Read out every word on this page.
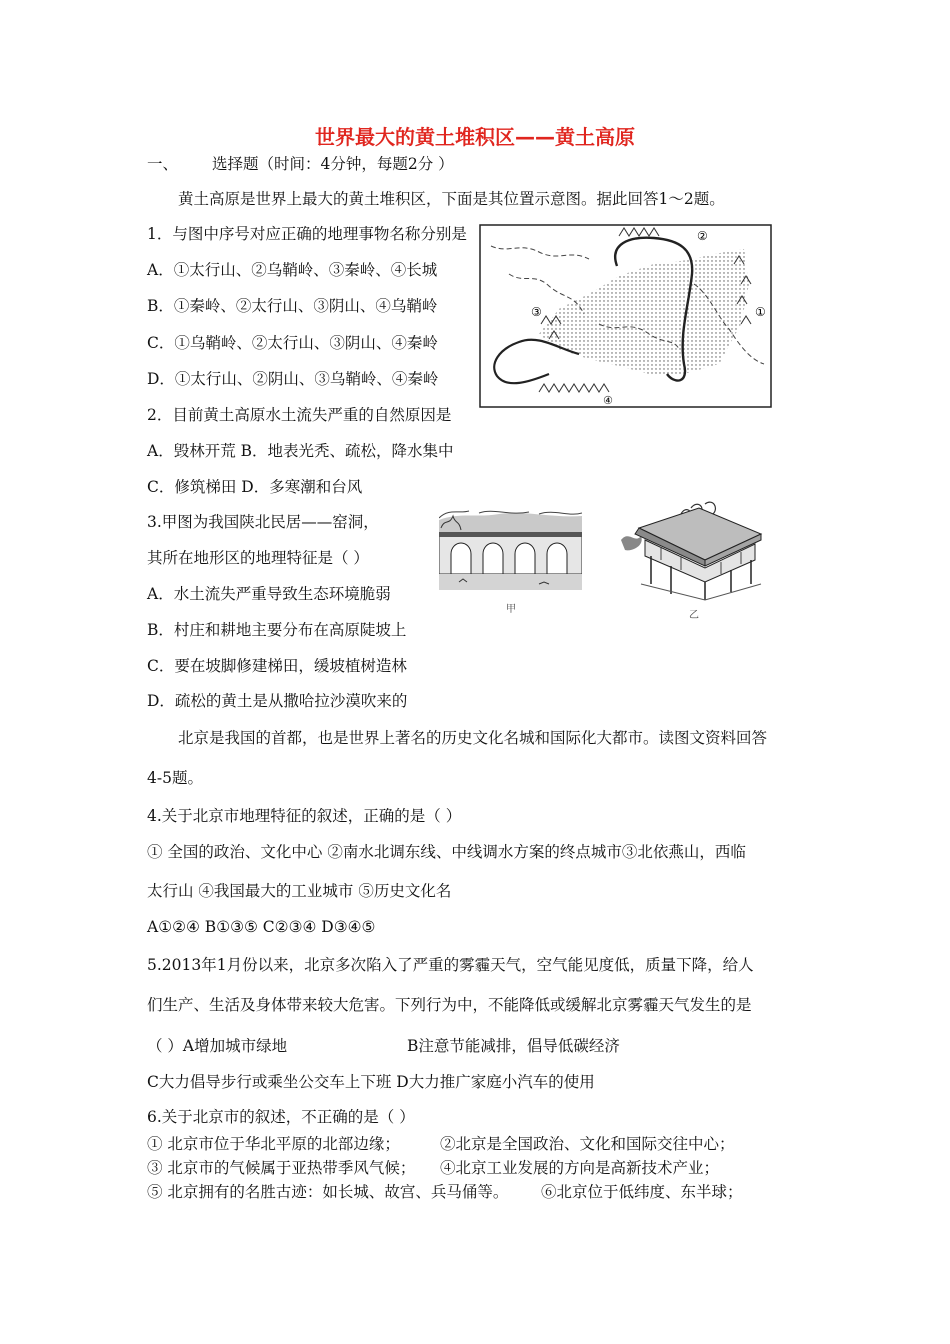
世界最大的黄土堆积区——黄土高原
一、 选择题（时间：4分钟，每题2分 ）
黄土高原是世界上最大的黄土堆积区，下面是其位置示意图。据此回答1～2题。
1．与图中序号对应正确的地理事物名称分别是
A．①太行山、②乌鞘岭、③秦岭、④长城
B．①秦岭、②太行山、③阴山、④乌鞘岭
C．①乌鞘岭、②太行山、③阴山、④秦岭
D．①太行山、②阴山、③乌鞘岭、④秦岭
①
②
③
④
2．目前黄土高原水土流失严重的自然原因是
A．毁林开荒 B．地表光秃、疏松，降水集中
C．修筑梯田 D．多寒潮和台风
3.甲图为我国陕北民居——窑洞，
其所在地形区的地理特征是（ ）
A．水土流失严重导致生态环境脆弱
B．村庄和耕地主要分布在高原陡坡上
C．要在坡脚修建梯田，缓坡植树造林
D．疏松的黄土是从撒哈拉沙漠吹来的
甲
乙
北京是我国的首都，也是世界上著名的历史文化名城和国际化大都市。读图文资料回答
4-5题。
4.关于北京市地理特征的叙述，正确的是（ ）
① 全国的政治、文化中心 ②南水北调东线、中线调水方案的终点城市③北依燕山，西临
太行山 ④我国最大的工业城市 ⑤历史文化名
A①②④ B①③⑤ C②③④ D③④⑤
5.2013年1月份以来，北京多次陷入了严重的雾霾天气，空气能见度低，质量下降，给人
们生产、生活及身体带来较大危害。下列行为中，不能降低或缓解北京雾霾天气发生的是
（ ）A增加城市绿地	B注意节能减排，倡导低碳经济
C大力倡导步行或乘坐公交车上下班 D大力推广家庭小汽车的使用
6.关于北京市的叙述，不正确的是（ ）
① 北京市位于华北平原的北部边缘；	②北京是全国政治、文化和国际交往中心；
③ 北京市的气候属于亚热带季风气候； ④北京工业发展的方向是高新技术产业；
⑤ 北京拥有的名胜古迹：如长城、故宫、兵马俑等。 ⑥北京位于低纬度、东半球；
